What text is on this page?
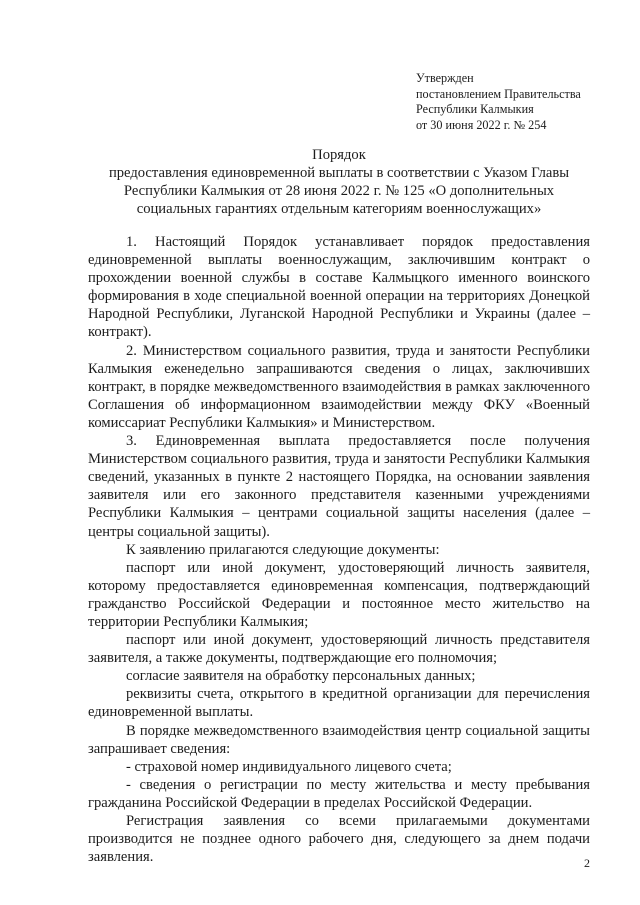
Утвержден
постановлением Правительства
Республики Калмыкия
от 30 июня 2022 г. № 254
Порядок
предоставления единовременной выплаты в соответствии с Указом Главы Республики Калмыкия от 28 июня 2022 г. № 125 «О дополнительных социальных гарантиях отдельным категориям военнослужащих»

1. Настоящий Порядок устанавливает порядок предоставления единовременной выплаты военнослужащим, заключившим контракт о прохождении военной службы в составе Калмыцкого именного воинского формирования в ходе специальной военной операции на территориях Донецкой Народной Республики, Луганской Народной Республики и Украины (далее – контракт).

2. Министерством социального развития, труда и занятости Республики Калмыкия еженедельно запрашиваются сведения о лицах, заключивших контракт, в порядке межведомственного взаимодействия в рамках заключенного Соглашения об информационном взаимодействии между ФКУ «Военный комиссариат Республики Калмыкия» и Министерством.

3. Единовременная выплата предоставляется после получения Министерством социального развития, труда и занятости Республики Калмыкия сведений, указанных в пункте 2 настоящего Порядка, на основании заявления заявителя или его законного представителя казенными учреждениями Республики Калмыкия – центрами социальной защиты населения (далее – центры социальной защиты).

К заявлению прилагаются следующие документы:

паспорт или иной документ, удостоверяющий личность заявителя, которому предоставляется единовременная компенсация, подтверждающий гражданство Российской Федерации и постоянное место жительство на территории Республики Калмыкия;

паспорт или иной документ, удостоверяющий личность представителя заявителя, а также документы, подтверждающие его полномочия;

согласие заявителя на обработку персональных данных;

реквизиты счета, открытого в кредитной организации для перечисления единовременной выплаты.

В порядке межведомственного взаимодействия центр социальной защиты запрашивает сведения:

- страховой номер индивидуального лицевого счета;

- сведения о регистрации по месту жительства и месту пребывания гражданина Российской Федерации в пределах Российской Федерации.

Регистрация заявления со всеми прилагаемыми документами производится не позднее одного рабочего дня, следующего за днем подачи заявления.	2
